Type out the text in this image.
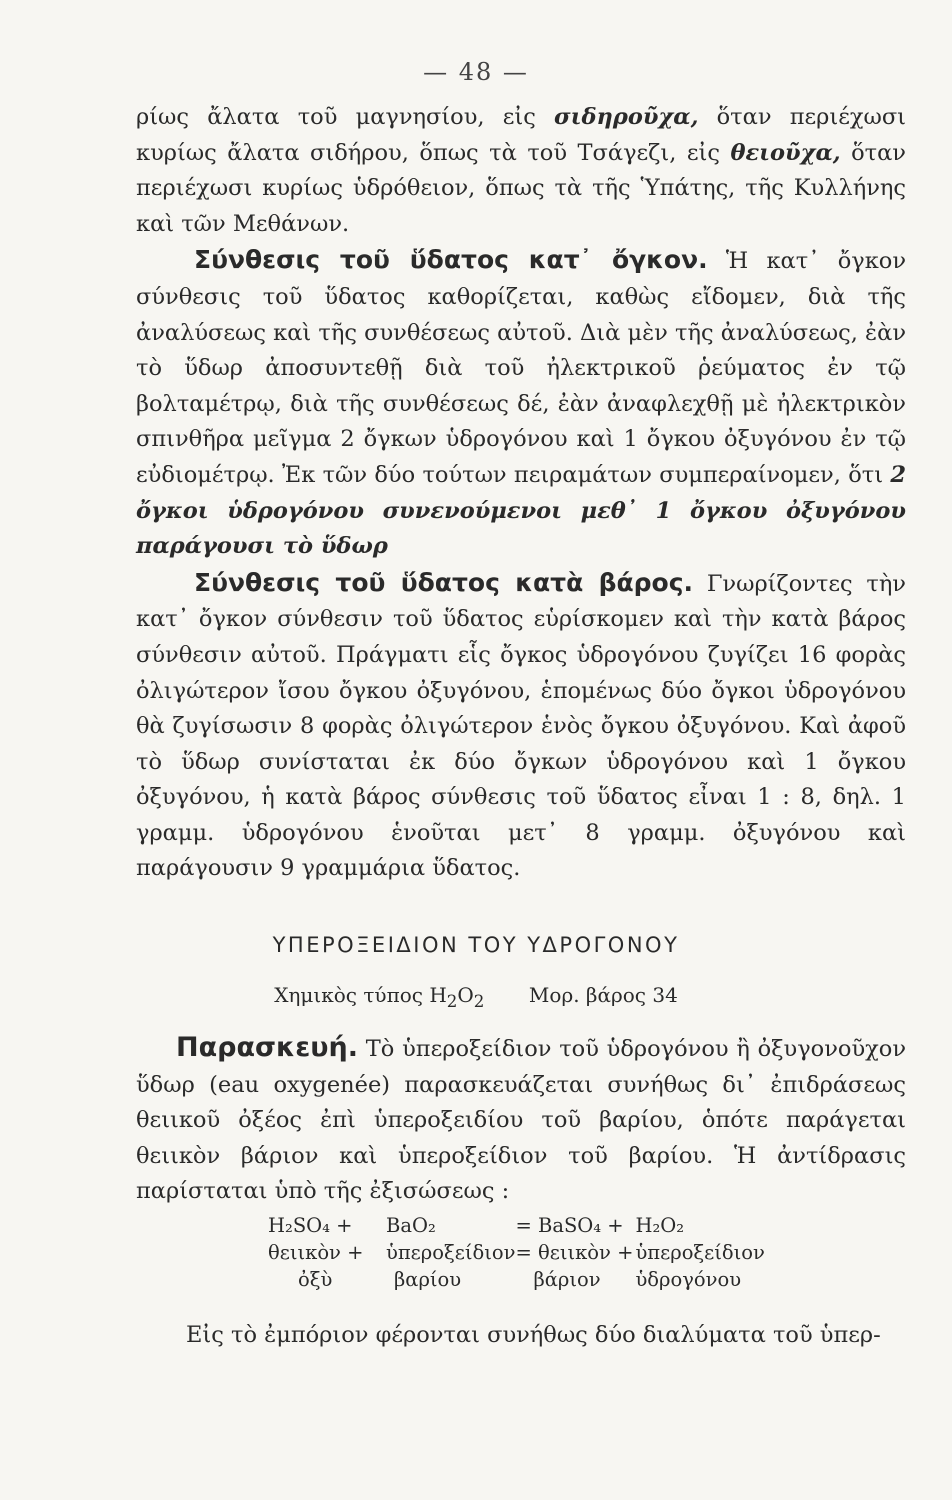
— 48 —

ρίως ἄλατα τοῦ μαγνησίου, εἰς σιδηροῦχα, ὅταν περιέχωσι κυρίως ἄλατα σιδήρου, ὅπως τὰ τοῦ Τσάγεζι, εἰς θειοῦχα, ὅταν περιέχωσι κυρίως ὑδρόθειον, ὅπως τὰ τῆς Ὑπάτης, τῆς Κυλλήνης καὶ τῶν Μεθάνων.

Σύνθεσις τοῦ ὕδατος κατ᾽ ὄγκον. Ἡ κατ᾽ ὄγκον σύνθεσις τοῦ ὕδατος καθορίζεται, καθὼς εἴδομεν, διὰ τῆς ἀναλύσεως καὶ τῆς συνθέσεως αὐτοῦ. Διὰ μὲν τῆς ἀναλύσεως, ἐὰν τὸ ὕδωρ ἀποσυντεθῇ διὰ τοῦ ἠλεκτρικοῦ ῥεύματος ἐν τῷ βολταμέτρῳ, διὰ τῆς συνθέσεως δέ, ἐὰν ἀναφλεχθῇ μὲ ἠλεκτρικὸν σπινθῆρα μεῖγμα 2 ὄγκων ὑδρογόνου καὶ 1 ὄγκου ὀξυγόνου ἐν τῷ εὐδιομέτρῳ. Ἐκ τῶν δύο τούτων πειραμάτων συμπεραίνομεν, ὅτι 2 ὄγκοι ὑδρογόνου συνενούμενοι μεθ᾽ 1 ὄγκου ὀξυγόνου παράγουσι τὸ ὕδωρ

Σύνθεσις τοῦ ὕδατος κατὰ βάρος. Γνωρίζοντες τὴν κατ᾽ ὄγκον σύνθεσιν τοῦ ὕδατος εὑρίσκομεν καὶ τὴν κατὰ βάρος σύνθεσιν αὐτοῦ. Πράγματι εἷς ὄγκος ὑδρογόνου ζυγίζει 16 φορὰς ὀλιγώτερον ἴσου ὄγκου ὀξυγόνου, ἑπομένως δύο ὄγκοι ὑδρογόνου θὰ ζυγίσωσιν 8 φορὰς ὀλιγώτερον ἑνὸς ὄγκου ὀξυγόνου. Καὶ ἀφοῦ τὸ ὕδωρ συνίσταται ἐκ δύο ὄγκων ὑδρογόνου καὶ 1 ὄγκου ὀξυγόνου, ἡ κατὰ βάρος σύνθεσις τοῦ ὕδατος εἶναι 1 : 8, δηλ. 1 γραμμ. ὑδρογόνου ἑνοῦται μετ᾽ 8 γραμμ. ὀξυγόνου καὶ παράγουσιν 9 γραμμάρια ὕδατος.

ΥΠΕΡΟΞΕΙΔΙΟΝ ΤΟΥ ΥΔΡΟΓΟΝΟΥ
Χημικὸς τύπος $H_2O_2$ Μορ. βάρος 34

Παρασκευή. Τὸ ὑπεροξείδιον τοῦ ὑδρογόνου ἢ ὀξυγονοῦχον ὕδωρ (eau oxygenée) παρασκευάζεται συνήθως δι᾽ ἐπιδράσεως θειικοῦ ὀξέος ἐπὶ ὑπεροξειδίου τοῦ βαρίου, ὁπότε παράγεται θειικὸν βάριον καὶ ὑπεροξείδιον τοῦ βαρίου. Ἡ ἀντίδρασις παρίσταται ὑπὸ τῆς ἐξισώσεως :

H₂SO₄ +	BaO₂	= BaSO₄ +	H₂O₂
θειικὸν +	ὑπεροξείδιον	= θειικὸν +	ὑπεροξείδιον
ὀξὺ	βαρίου	βάριον	ὑδρογόνου

Εἰς τὸ ἐμπόριον φέρονται συνήθως δύο διαλύματα τοῦ ὑπερ-
